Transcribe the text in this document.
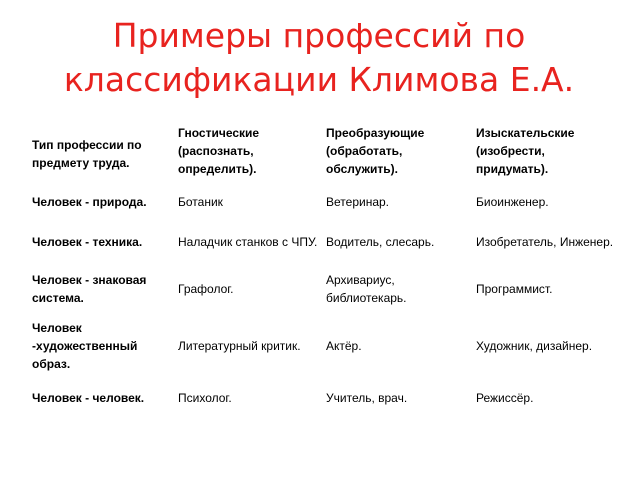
Примеры профессий по
классификации Климова Е.А.
Тип профессии по предмету труда.	Гностические (распознать, определить).	Преобразующие (обработать, обслужить).	Изыскательские (изобрести, придумать).
Человек - природа.	Ботаник	Ветеринар.	Биоинженер.
Человек - техника.	Наладчик станков с ЧПУ.	Водитель, слесарь.	Изобретатель, Инженер.
Человек - знаковая система.	Графолог.	Архивариус, библиотекарь.	Программист.
Человек -художественный образ.	Литературный критик.	Актёр.	Художник, дизайнер.
Человек - человек.	Психолог.	Учитель, врач.	Режиссёр.
